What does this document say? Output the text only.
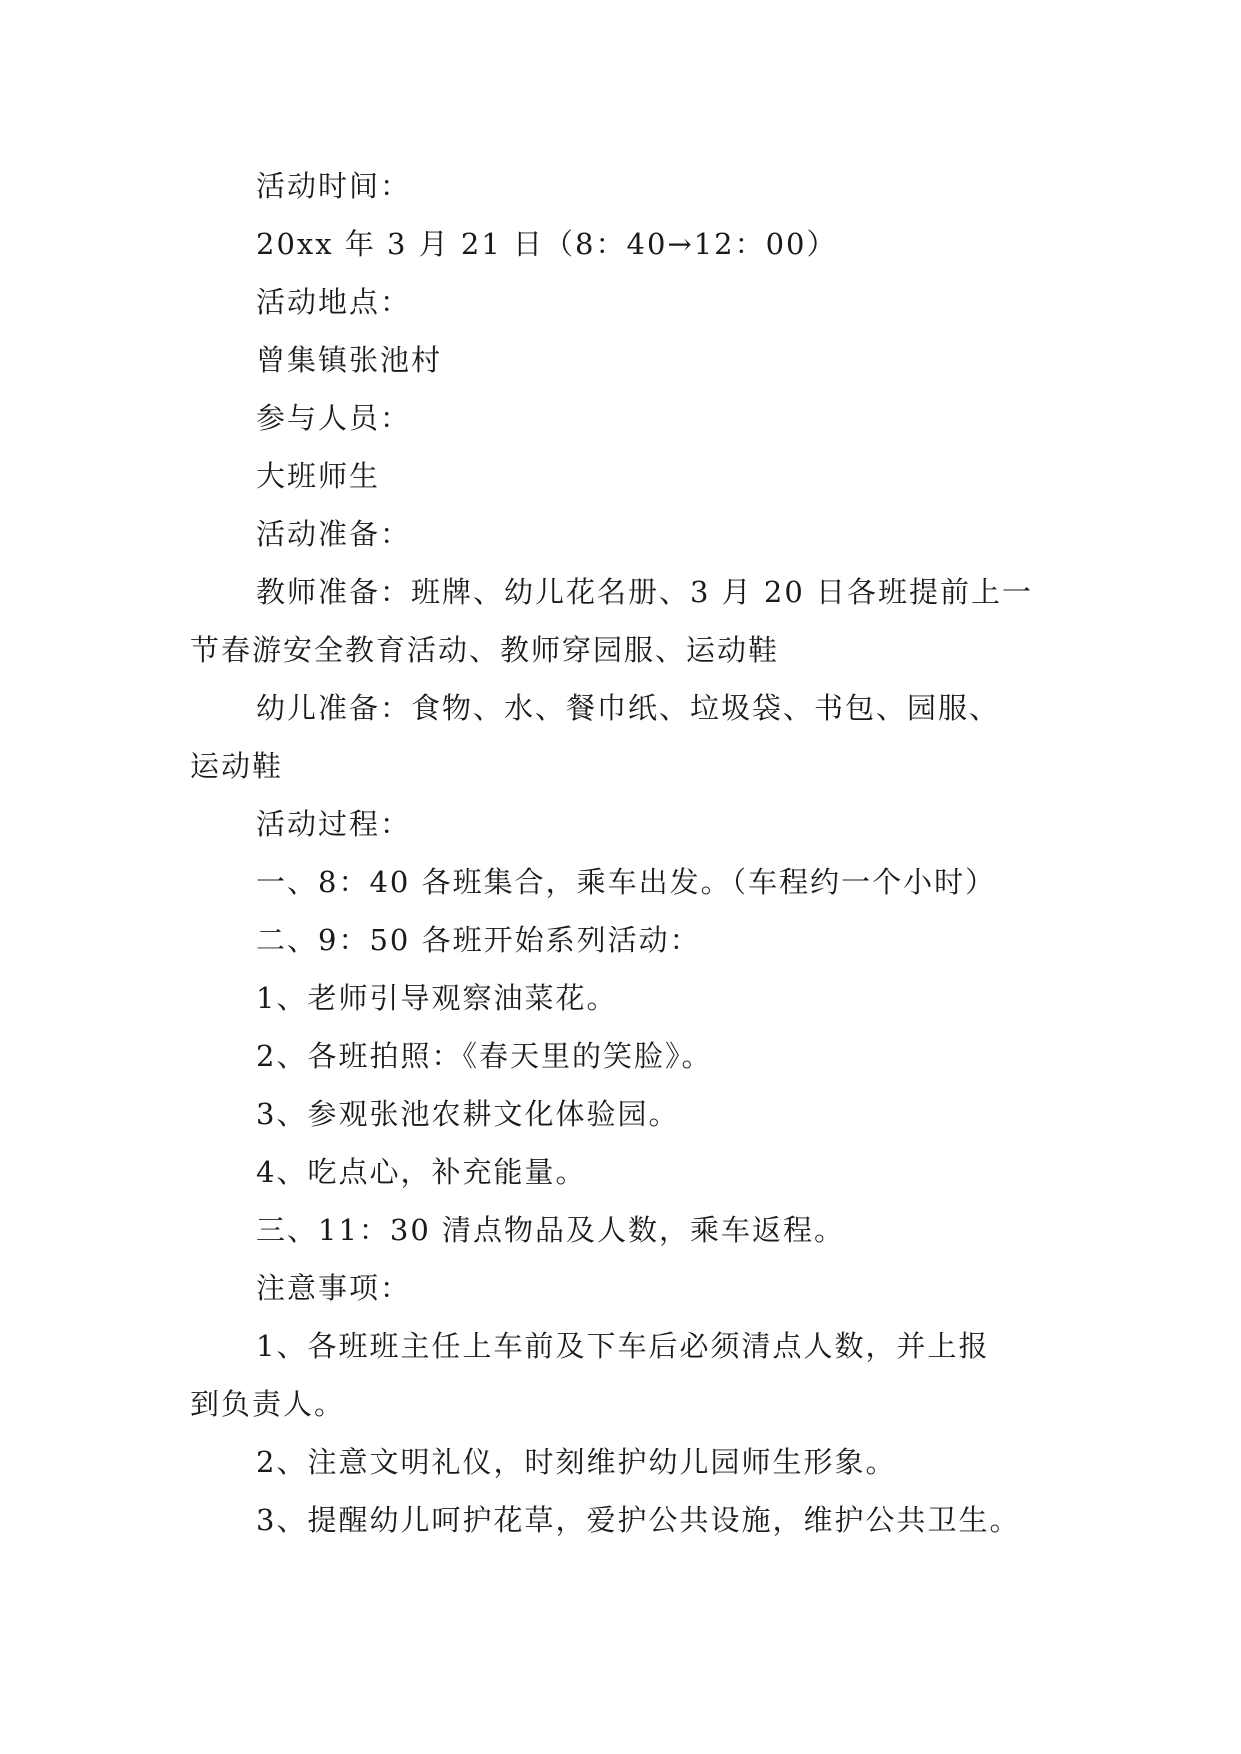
活动时间：
20xx 年 3 月 21 日（8：40→12：00）
活动地点：
曾集镇张池村
参与人员：
大班师生
活动准备：
教师准备：班牌、幼儿花名册、3 月 20 日各班提前上一
节春游安全教育活动、教师穿园服、运动鞋
幼儿准备：食物、水、餐巾纸、垃圾袋、书包、园服、
运动鞋
活动过程：
一、8：40 各班集合，乘车出发。（车程约一个小时）
二、9：50 各班开始系列活动：
1、老师引导观察油菜花。
2、各班拍照：《春天里的笑脸》。
3、参观张池农耕文化体验园。
4、吃点心，补充能量。
三、11：30 清点物品及人数，乘车返程。
注意事项：
1、各班班主任上车前及下车后必须清点人数，并上报
到负责人。
2、注意文明礼仪，时刻维护幼儿园师生形象。
3、提醒幼儿呵护花草，爱护公共设施，维护公共卫生。
